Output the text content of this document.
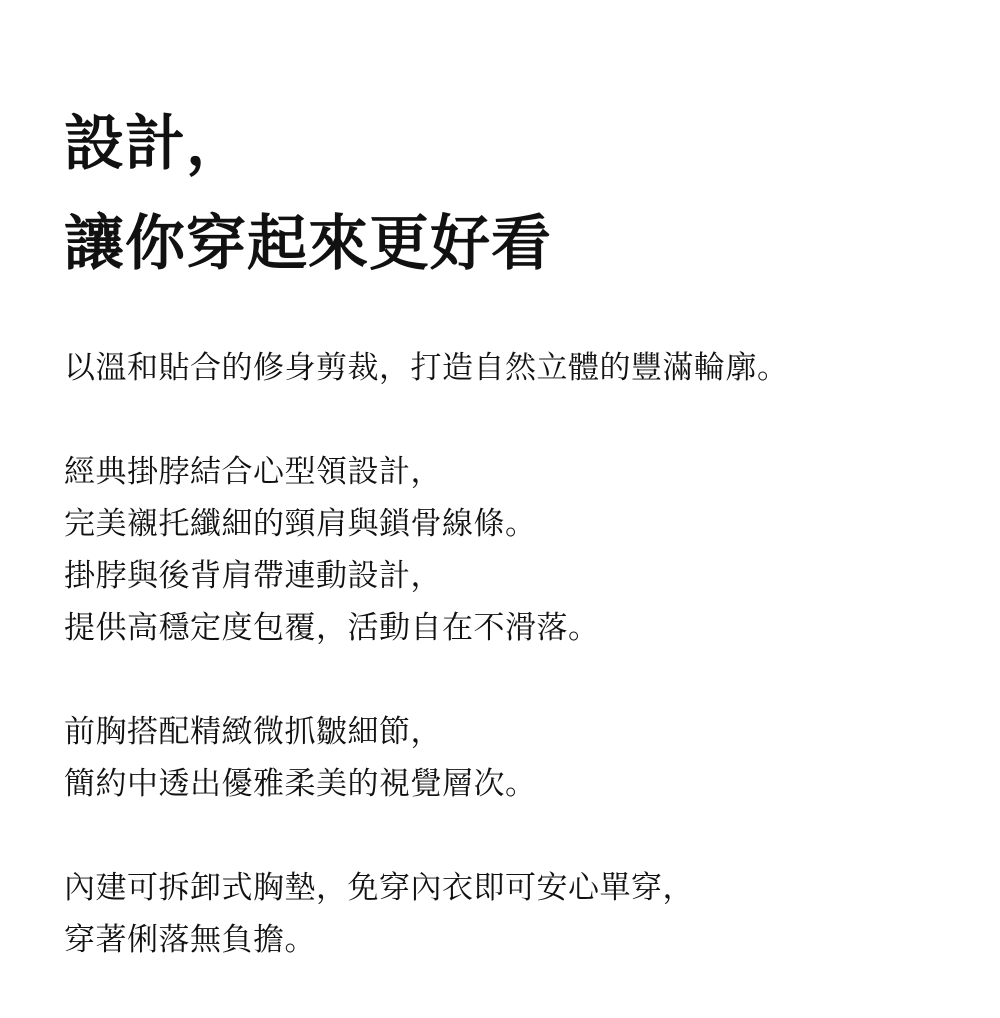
設計，
讓你穿起來更好看

以溫和貼合的修身剪裁，打造自然立體的豐滿輪廓。

經典掛脖結合心型領設計，
完美襯托纖細的頸肩與鎖骨線條。
掛脖與後背肩帶連動設計，
提供高穩定度包覆，活動自在不滑落。

前胸搭配精緻微抓皺細節，
簡約中透出優雅柔美的視覺層次。

內建可拆卸式胸墊，免穿內衣即可安心單穿，
穿著俐落無負擔。
